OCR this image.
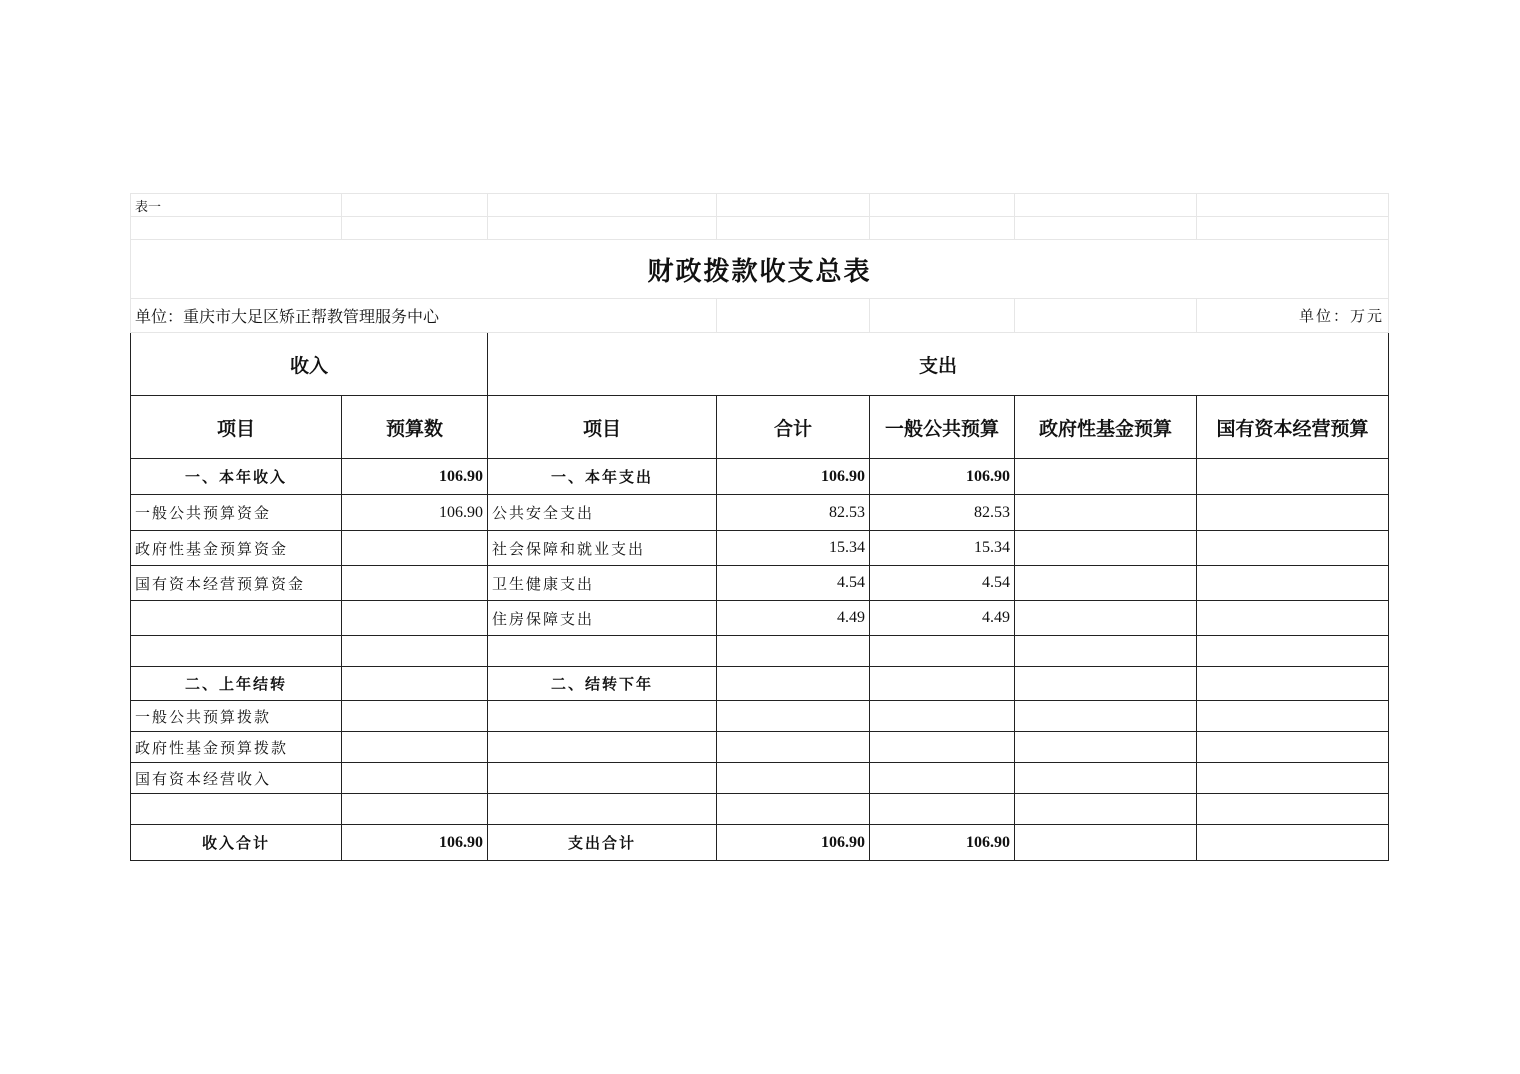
表一						

财政拨款收支总表						
单位：重庆市大足区矫正帮教管理服务中心						单位：万元
收入		支出				
项目	预算数	项目	合计	一般公共预算	政府性基金预算	国有资本经营预算
一、本年收入	106.90	一、本年支出	106.90	106.90		
一般公共预算资金	106.90	公共安全支出	82.53	82.53		
政府性基金预算资金		社会保障和就业支出	15.34	15.34		
国有资本经营预算资金		卫生健康支出	4.54	4.54		
		住房保障支出	4.49	4.49		

二、上年结转		二、结转下年				
一般公共预算拨款						
政府性基金预算拨款						
国有资本经营收入						

收入合计	106.90	支出合计	106.90	106.90		
